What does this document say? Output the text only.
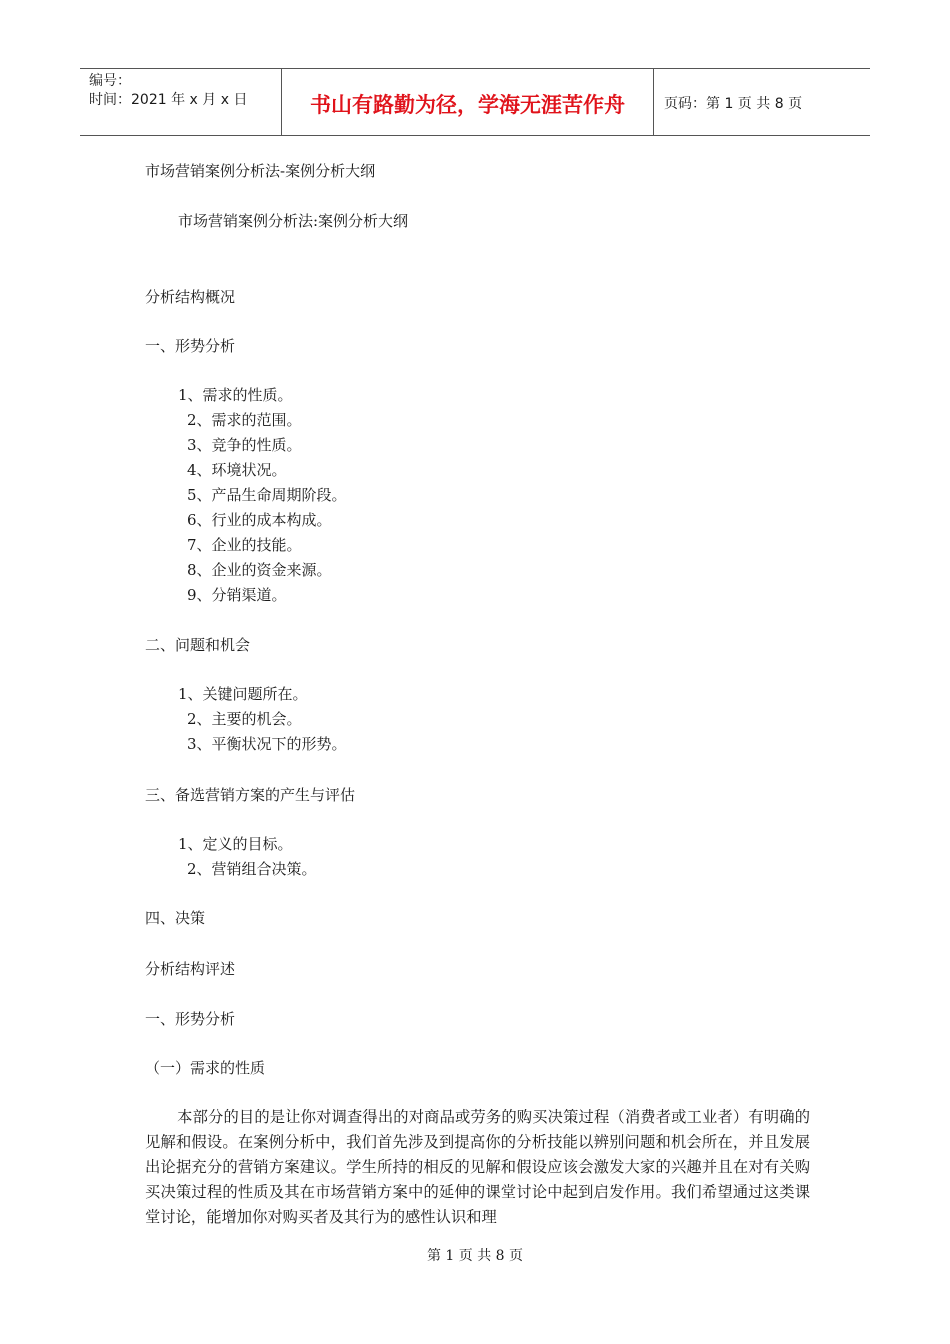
编号：
时间：2021 年 x 月 x 日	书山有路勤为径，学海无涯苦作舟	页码：第 1 页 共 8 页
市场营销案例分析法-案例分析大纲
市场营销案例分析法:案例分析大纲
分析结构概况
一、形势分析
1、需求的性质。
2、需求的范围。
3、竞争的性质。
4、环境状况。
5、产品生命周期阶段。
6、行业的成本构成。
7、企业的技能。
8、企业的资金来源。
9、分销渠道。
二、问题和机会
1、关键问题所在。
2、主要的机会。
3、平衡状况下的形势。
三、备选营销方案的产生与评估
1、定义的目标。
2、营销组合决策。
四、决策
分析结构评述
一、形势分析
（一）需求的性质
本部分的目的是让你对调查得出的对商品或劳务的购买决策过程（消费者或工业者）有明确的见解和假设。在案例分析中，我们首先涉及到提高你的分析技能以辨别问题和机会所在，并且发展出论据充分的营销方案建议。学生所持的相反的见解和假设应该会激发大家的兴趣并且在对有关购买决策过程的性质及其在市场营销方案中的延伸的课堂讨论中起到启发作用。我们希望通过这类课堂讨论，能增加你对购买者及其行为的感性认识和理
第 1 页 共 8 页
